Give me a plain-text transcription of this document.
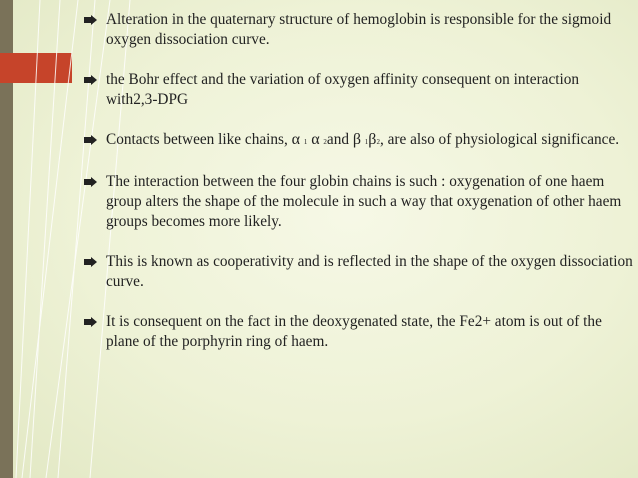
Alteration in the quaternary structure of hemoglobin is responsible for the sigmoid oxygen dissociation curve.
the Bohr effect and the variation of oxygen affinity consequent on interaction with2,3-DPG
Contacts between like chains, α 1 α 2and β 1β2, are also of physiological significance.
The interaction between the four globin chains is such : oxygenation of one haem group alters the shape of the molecule in such a way that oxygenation of other haem groups becomes more likely.
This is known as cooperativity and is reflected in the shape of the oxygen dissociation curve.
It is consequent on the fact in the deoxygenated state, the Fe2+ atom is out of the plane of the porphyrin ring of haem.
